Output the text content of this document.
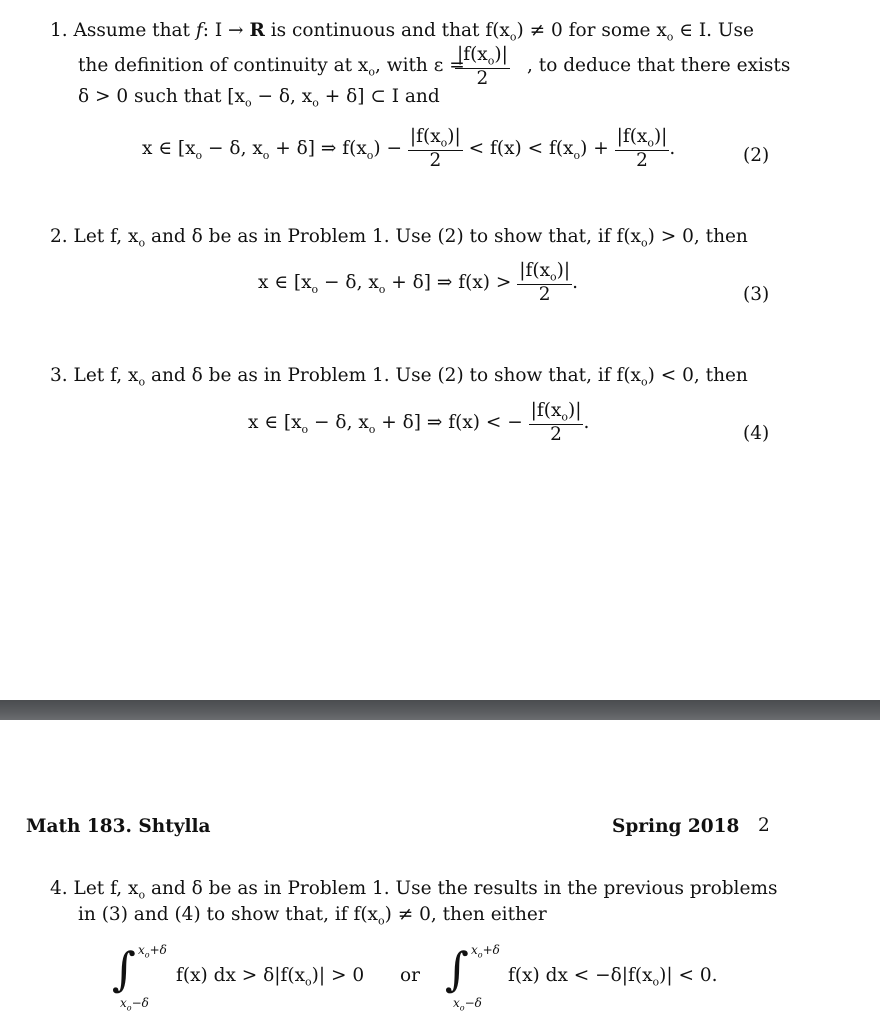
1. Assume that f: I → R is continuous and that $f(x_o) \ne 0$ for some $x_o$ ∈ I. Use
the definition of continuity at $x_o$, with ε =
$\frac{|f(x_o)|}{2}$ , to deduce that there exists
δ > 0 such that [$x_o - \delta$, $x_o + \delta$] ⊂ I and
x ∈ [$x_o - \delta$, $x_o + \delta$] ⇒ $f(x_o) - \frac{|f(x_o)|}{2} < f(x) < f(x_o) + \frac{|f(x_o)|}{2}$ .	(2)
2. Let f, $x_o$ and δ be as in Problem 1. Use (2) to show that, if $f(x_o) > 0$, then
x ∈ [$x_o - \delta$, $x_o + \delta$] ⇒ $f(x) > \frac{|f(x_o)|}{2}$ .
(3)
3. Let f, $x_o$ and δ be as in Problem 1. Use (2) to show that, if $f(x_o) < 0$, then
x ∈ [$x_o - \delta$, $x_o + \delta$] ⇒ f(x) < − $\frac{|f(x_o)|}{2}$ .
(4)
Math 183. Shtylla	Spring 2018 2
4. Let f, $x_o$ and δ be as in Problem 1. Use the results in the previous problems
in (3) and (4) to show that, if $f(x_o) \ne 0$, then either
∫ $x_o+\delta$
$x_o-\delta$
f(x) dx > $\delta|f(x_o)| > 0$ or ∫ $x_o+\delta$
$x_o-\delta$
f(x) dx < $-\delta|f(x_o)| < 0$.
